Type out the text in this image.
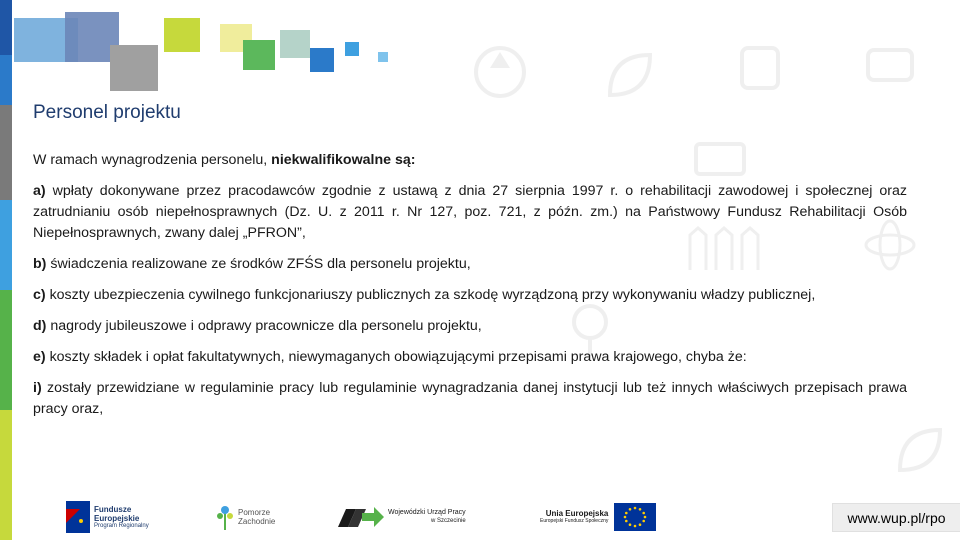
Personel projektu

W ramach wynagrodzenia personelu, niekwalifikowalne są:

a) wpłaty dokonywane przez pracodawców zgodnie z ustawą z dnia 27 sierpnia 1997 r. o rehabilitacji zawodowej i społecznej oraz zatrudnianiu osób niepełnosprawnych (Dz. U. z 2011 r. Nr 127, poz. 721, z późn. zm.) na Państwowy Fundusz Rehabilitacji Osób Niepełnosprawnych, zwany dalej „PFRON”,

b) świadczenia realizowane ze środków ZFŚS dla personelu projektu,

c) koszty ubezpieczenia cywilnego funkcjonariuszy publicznych za szkodę wyrządzoną przy wykonywaniu władzy publicznej,

d) nagrody jubileuszowe i odprawy pracownicze dla personelu projektu,

e) koszty składek i opłat fakultatywnych, niewymaganych obowiązującymi przepisami prawa krajowego, chyba że:

i) zostały przewidziane w regulaminie pracy lub regulaminie wynagradzania danej instytucji lub też innych właściwych przepisach prawa pracy oraz,

Fundusze
Europejskie
Program Regionalny
Pomorze
Zachodnie
Wojewódzki Urząd Pracy
w Szczecinie
Unia Europejska
Europejski Fundusz Społeczny	www.wup.pl/rpo
